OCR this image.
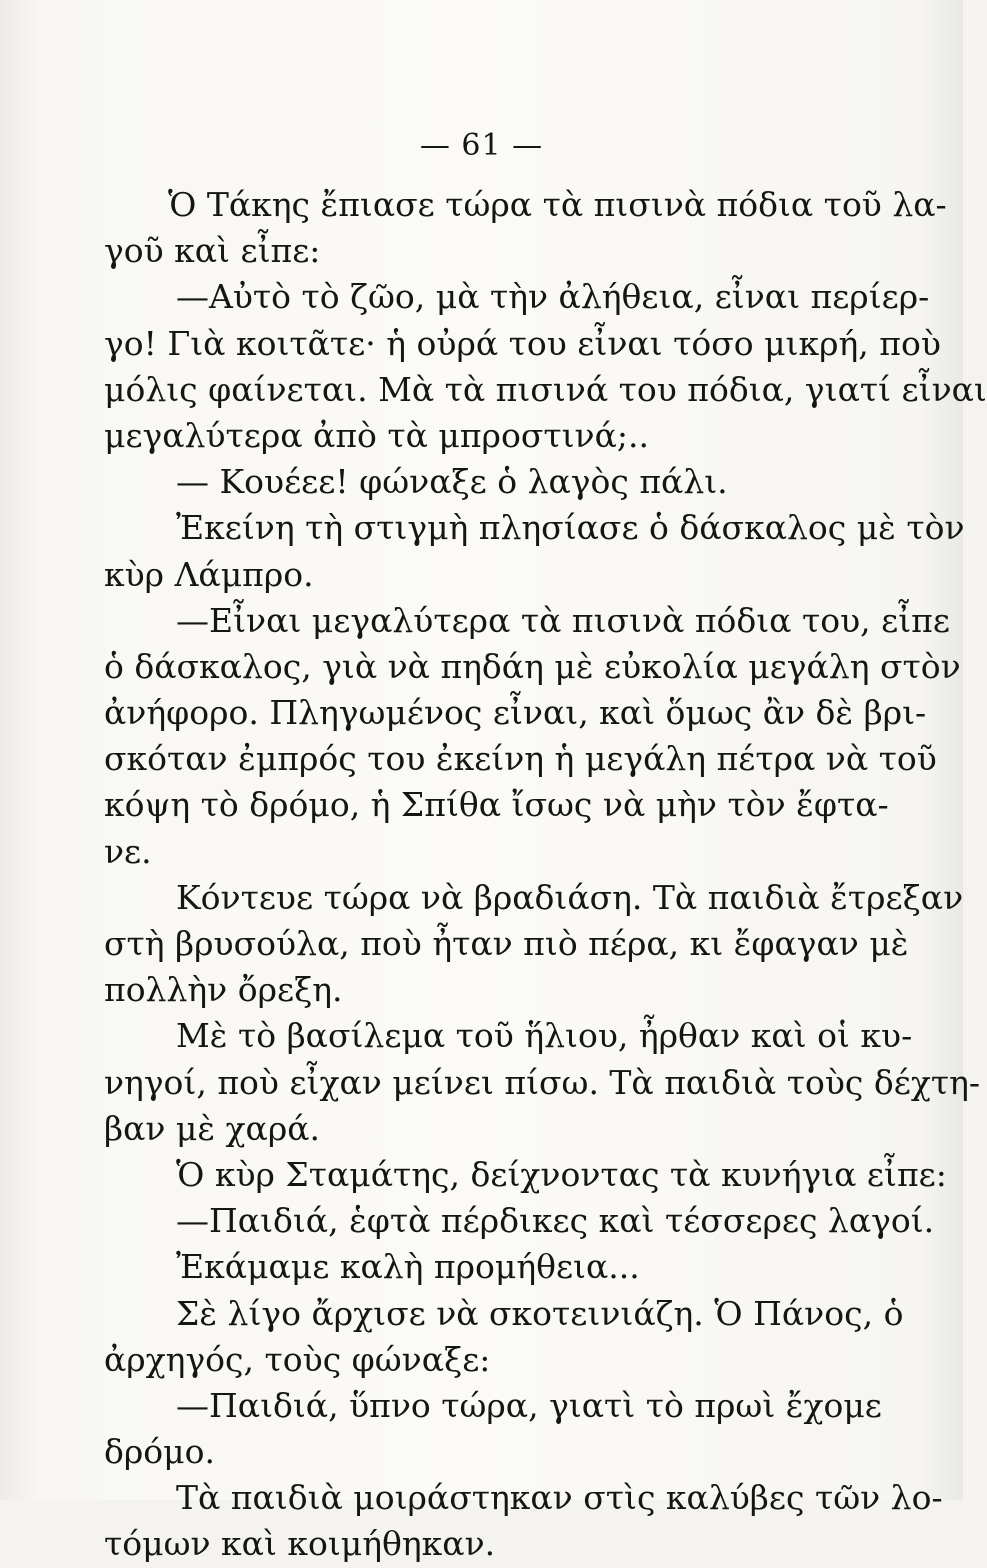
— 61 —
Ὁ Τάκης ἔπιασε τώρα τὰ πισινὰ πόδια τοῦ λα-
γοῦ καὶ εἶπε:
—Αὐτὸ τὸ ζῶο, μὰ τὴν ἀλήθεια, εἶναι περίερ-
γο! Γιὰ κοιτᾶτε· ἡ οὐρά του εἶναι τόσο μικρή, ποὺ
μόλις φαίνεται. Μὰ τὰ πισινά του πόδια, γιατί εἶναι
μεγαλύτερα ἀπὸ τὰ μπροστινά;..
— Κουέεε! φώναξε ὁ λαγὸς πάλι.
Ἐκείνη τὴ στιγμὴ πλησίασε ὁ δάσκαλος μὲ τὸν
κὺρ Λάμπρο.
—Εἶναι μεγαλύτερα τὰ πισινὰ πόδια του, εἶπε
ὁ δάσκαλος, γιὰ νὰ πηδάη μὲ εὐκολία μεγάλη στὸν
ἀνήφορο. Πληγωμένος εἶναι, καὶ ὅμως ἂν δὲ βρι-
σκόταν ἐμπρός του ἐκείνη ἡ μεγάλη πέτρα νὰ τοῦ
κόψη τὸ δρόμο, ἡ Σπίθα ἴσως νὰ μὴν τὸν ἔφτα-
νε.
Κόντευε τώρα νὰ βραδιάση. Τὰ παιδιὰ ἔτρεξαν
στὴ βρυσούλα, ποὺ ἦταν πιὸ πέρα, κι ἔφαγαν μὲ
πολλὴν ὄρεξη.
Μὲ τὸ βασίλεμα τοῦ ἥλιου, ἦρθαν καὶ οἱ κυ-
νηγοί, ποὺ εἶχαν μείνει πίσω. Τὰ παιδιὰ τοὺς δέχτη-
βαν μὲ χαρά.
Ὁ κὺρ Σταμάτης, δείχνοντας τὰ κυνήγια εἶπε:
—Παιδιά, ἑφτὰ πέρδικες καὶ τέσσερες λαγοί.
Ἐκάμαμε καλὴ προμήθεια...
Σὲ λίγο ἄρχισε νὰ σκοτεινιάζη. Ὁ Πάνος, ὁ
ἀρχηγός, τοὺς φώναξε:
—Παιδιά, ὕπνο τώρα, γιατὶ τὸ πρωὶ ἔχομε
δρόμο.
Τὰ παιδιὰ μοιράστηκαν στὶς καλύβες τῶν λο-
τόμων καὶ κοιμήθηκαν.
